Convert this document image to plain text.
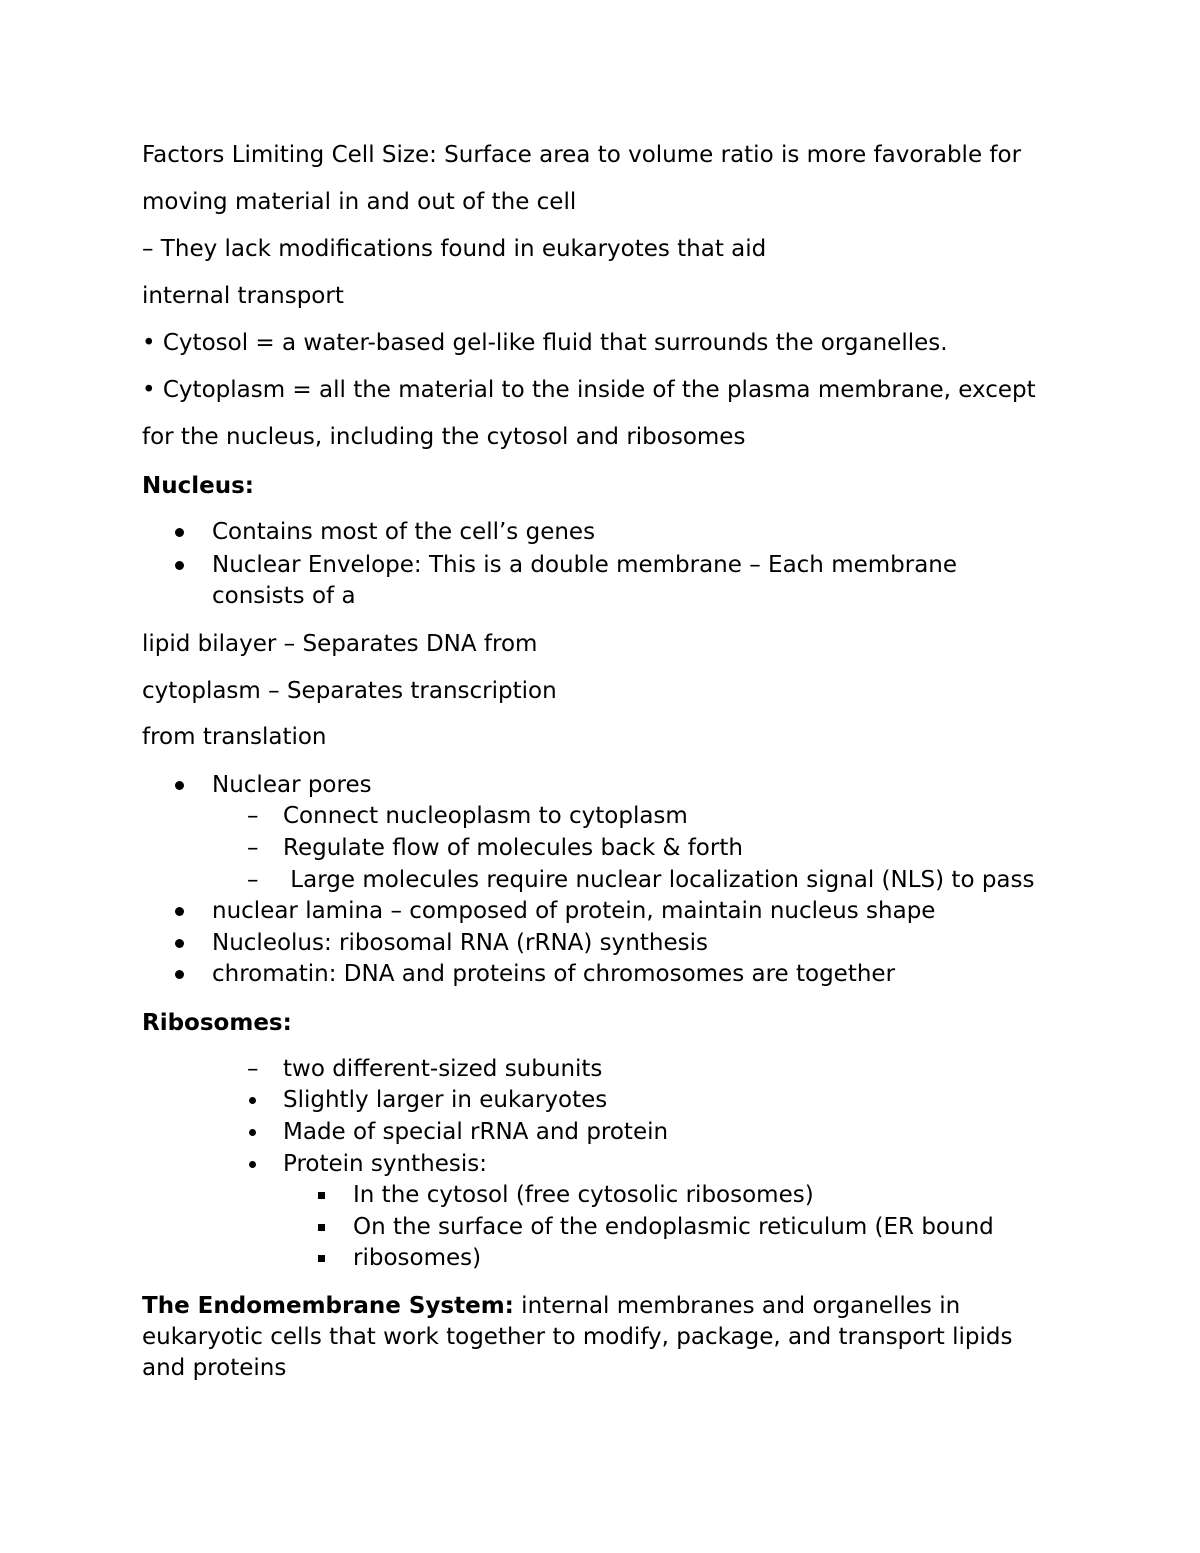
Factors Limiting Cell Size: Surface area to volume ratio is more favorable for

moving material in and out of the cell

– They lack modifications found in eukaryotes that aid

internal transport

• Cytosol = a water-based gel-like fluid that surrounds the organelles.

• Cytoplasm = all the material to the inside of the plasma membrane, except

for the nucleus, including the cytosol and ribosomes

Nucleus:

Contains most of the cell’s genes
Nuclear Envelope: This is a double membrane – Each membrane
consists of a

lipid bilayer – Separates DNA from

cytoplasm – Separates transcription

from translation

Nuclear pores
– Connect nucleoplasm to cytoplasm
– Regulate flow of molecules back & forth
– Large molecules require nuclear localization signal (NLS) to pass
nuclear lamina – composed of protein, maintain nucleus shape
Nucleolus: ribosomal RNA (rRNA) synthesis
chromatin: DNA and proteins of chromosomes are together

Ribosomes:

– two different-sized subunits
Slightly larger in eukaryotes
Made of special rRNA and protein
Protein synthesis:
In the cytosol (free cytosolic ribosomes)
On the surface of the endoplasmic reticulum (ER bound
ribosomes)

The Endomembrane System: internal membranes and organelles in

eukaryotic cells that work together to modify, package, and transport lipids

and proteins
